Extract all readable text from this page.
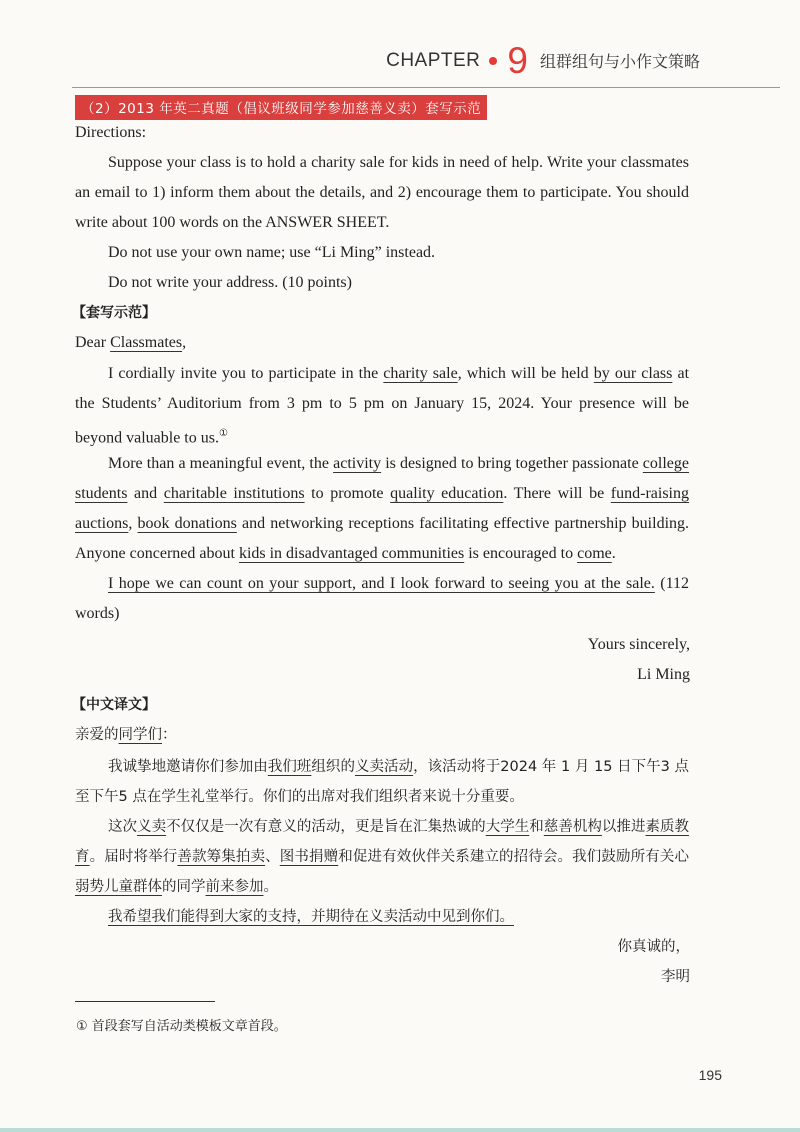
CHAPTER 9 组群组句与小作文策略
（2）2013 年英二真题（倡议班级同学参加慈善义卖）套写示范
Directions:
Suppose your class is to hold a charity sale for kids in need of help. Write your classmates an email to 1) inform them about the details, and 2) encourage them to participate. You should write about 100 words on the ANSWER SHEET.
Do not use your own name; use “Li Ming” instead.
Do not write your address. (10 points)
【套写示范】
Dear Classmates,
I cordially invite you to participate in the charity sale, which will be held by our class at the Students’ Auditorium from 3 pm to 5 pm on January 15, 2024. Your presence will be beyond valuable to us.①
More than a meaningful event, the activity is designed to bring together passionate college students and charitable institutions to promote quality education. There will be fund-raising auctions, book donations and networking receptions facilitating effective partnership building. Anyone concerned about kids in disadvantaged communities is encouraged to come.
I hope we can count on your support, and I look forward to seeing you at the sale. (112 words)
Yours sincerely,
Li Ming
【中文译文】
亲爱的同学们：
我诚挚地邀请你们参加由我们班组织的义卖活动，该活动将于2024 年 1 月 15 日下午3 点至下午5 点在学生礼堂举行。你们的出席对我们组织者来说十分重要。
这次义卖不仅仅是一次有意义的活动，更是旨在汇集热诚的大学生和慈善机构以推进素质教育。届时将举行善款筹集拍卖、图书捐赠和促进有效伙伴关系建立的招待会。我们鼓励所有关心弱势儿童群体的同学前来参加。
我希望我们能得到大家的支持，并期待在义卖活动中见到你们。
你真诚的，
李明
① 首段套写自活动类模板文章首段。
195
